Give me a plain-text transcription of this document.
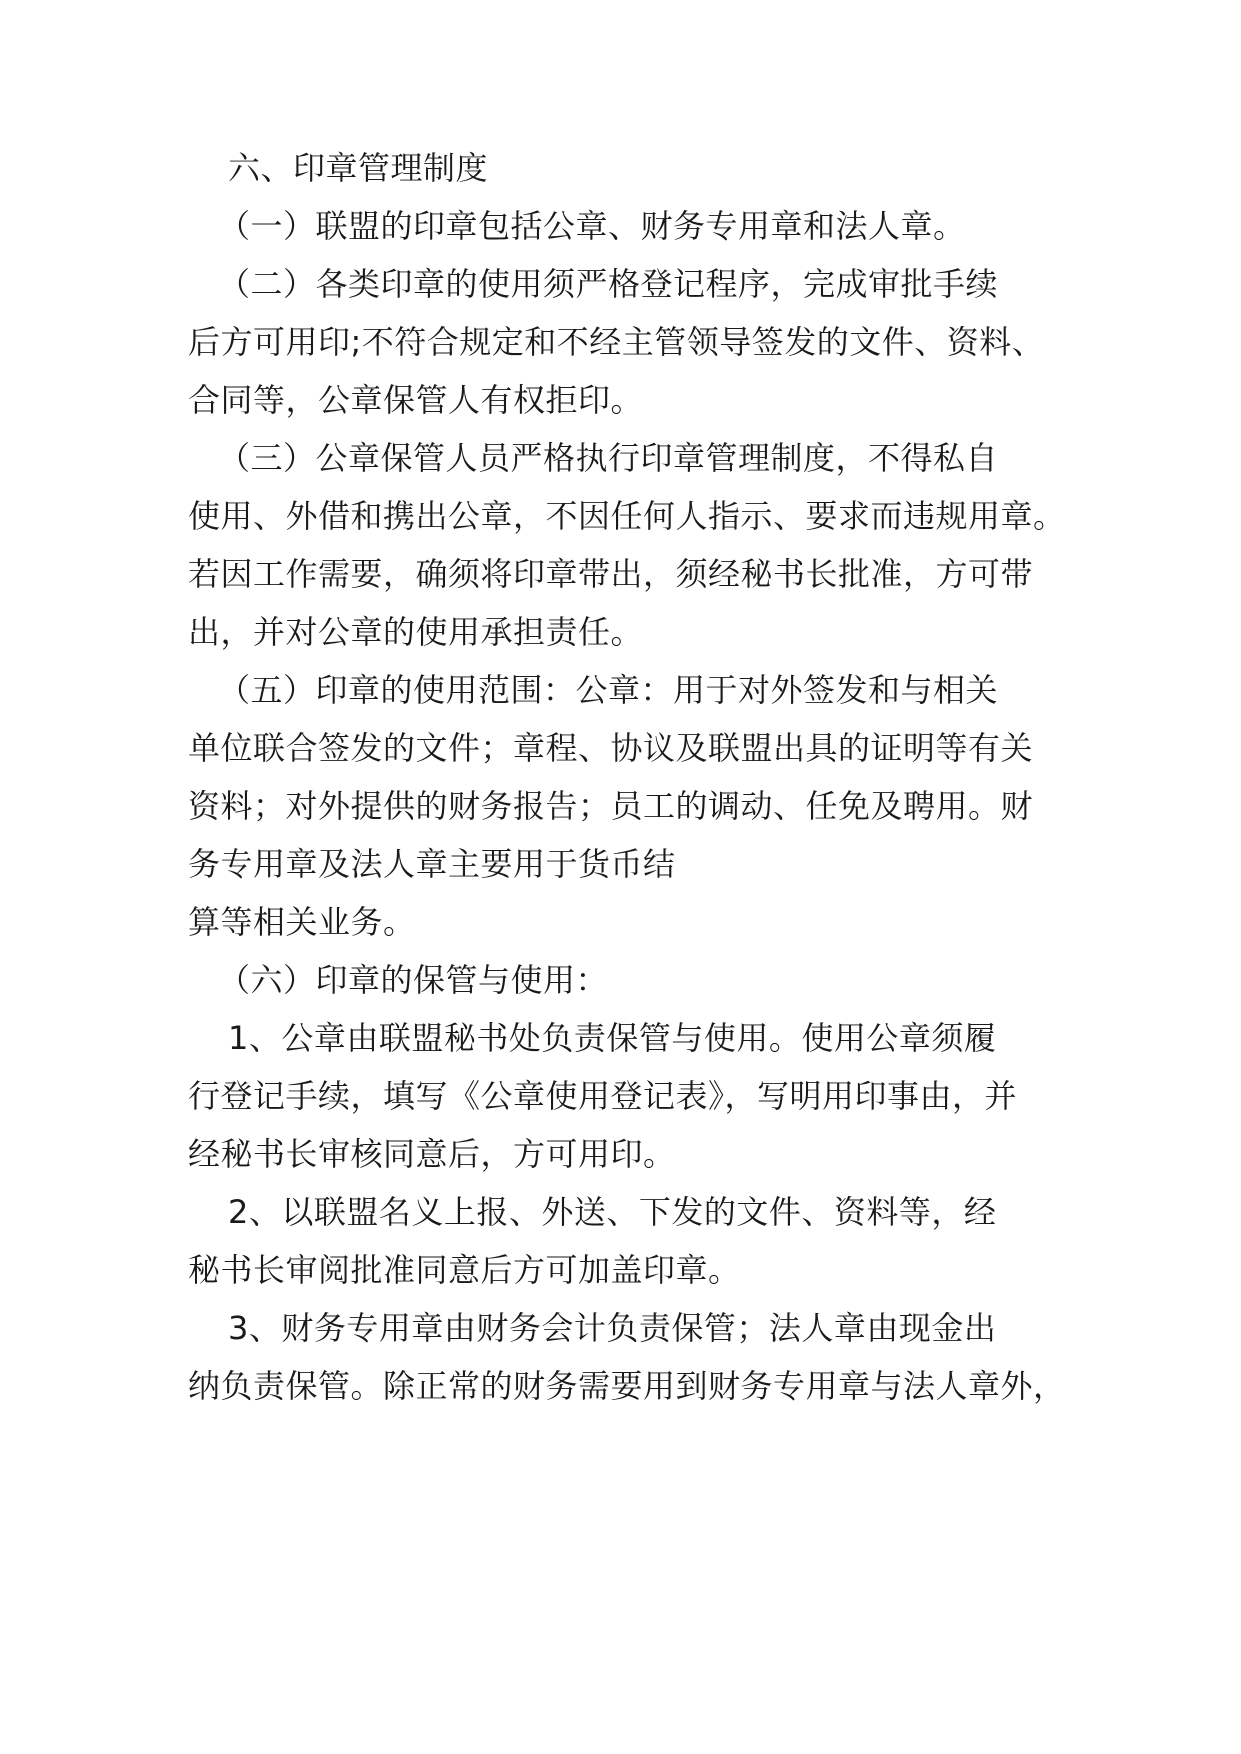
六、印章管理制度
（一）联盟的印章包括公章、财务专用章和法人章。
（二）各类印章的使用须严格登记程序，完成审批手续
后方可用印;不符合规定和不经主管领导签发的文件、资料、
合同等，公章保管人有权拒印。
（三）公章保管人员严格执行印章管理制度，不得私自
使用、外借和携出公章，不因任何人指示、要求而违规用章。
若因工作需要，确须将印章带出，须经秘书长批准，方可带
出，并对公章的使用承担责任。
（五）印章的使用范围：公章：用于对外签发和与相关
单位联合签发的文件；章程、协议及联盟出具的证明等有关
资料；对外提供的财务报告；员工的调动、任免及聘用。财
务专用章及法人章主要用于货币结
算等相关业务。
（六）印章的保管与使用：
1、公章由联盟秘书处负责保管与使用。使用公章须履
行登记手续，填写《公章使用登记表》，写明用印事由，并
经秘书长审核同意后，方可用印。
2、以联盟名义上报、外送、下发的文件、资料等，经
秘书长审阅批准同意后方可加盖印章。
3、财务专用章由财务会计负责保管；法人章由现金出
纳负责保管。除正常的财务需要用到财务专用章与法人章外，
